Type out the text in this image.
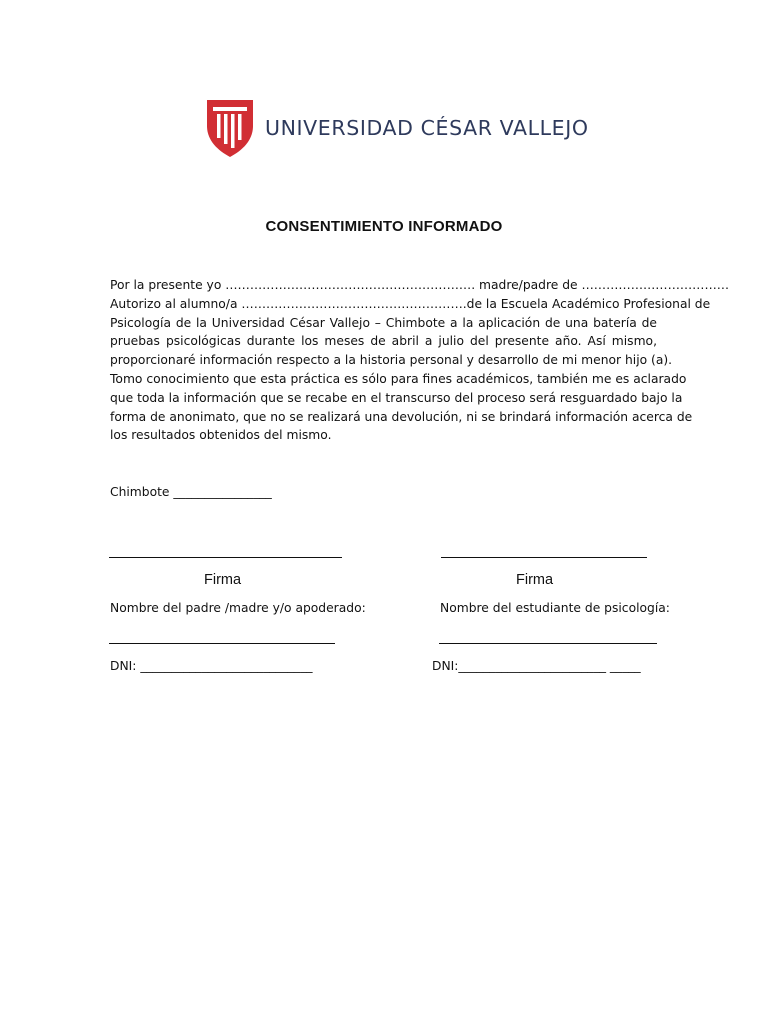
UNIVERSIDAD CÉSAR VALLEJO
CONSENTIMIENTO INFORMADO
Por la presente yo ……………………………………………………. madre/padre de ………………………………
Autorizo al alumno/a ……………………………………………….de la Escuela Académico Profesional de
Psicología de la Universidad César Vallejo – Chimbote a la aplicación de una batería de
pruebas psicológicas durante los meses de abril a julio del presente año. Así mismo,
proporcionaré información respecto a la historia personal y desarrollo de mi menor hijo (a).
Tomo conocimiento que esta práctica es sólo para fines académicos, también me es aclarado
que toda la información que se recabe en el transcurso del proceso será resguardado bajo la
forma de anonimato, que no se realizará una devolución, ni se brindará información acerca de
los resultados obtenidos del mismo.
Chimbote ________________
Firma	Firma
Nombre del padre /madre y/o apoderado:	Nombre del estudiante de psicología:
DNI: ____________________________	DNI:________________________ _____
